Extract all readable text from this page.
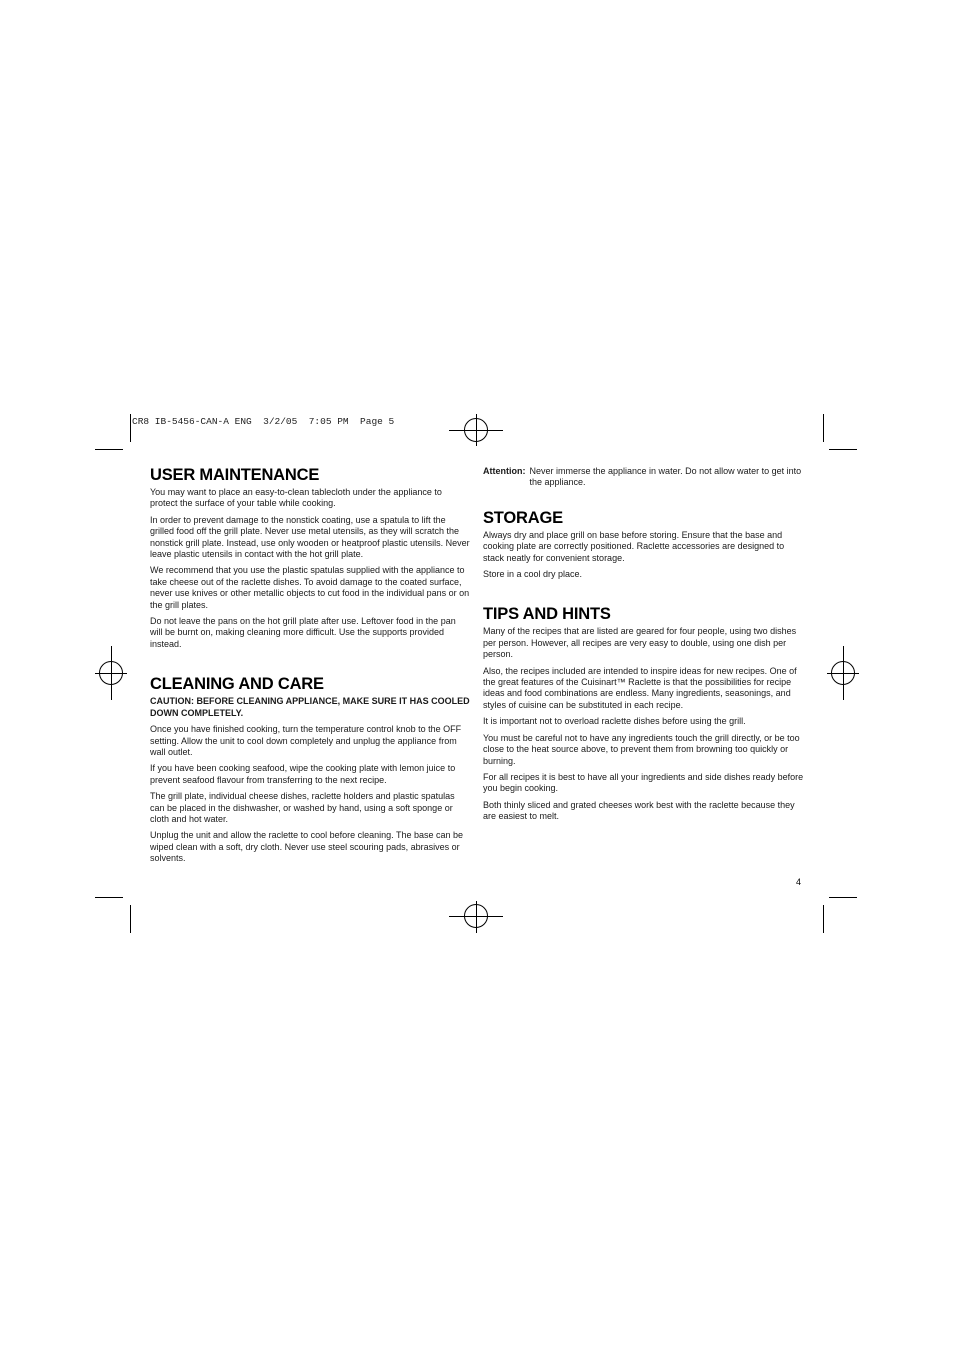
CR8 IB-5456-CAN-A ENG  3/2/05  7:05 PM  Page 5
USER MAINTENANCE

You may want to place an easy-to-clean tablecloth under the appliance to protect the surface of your table while cooking.

In order to prevent damage to the nonstick coating, use a spatula to lift the grilled food off the grill plate. Never use metal utensils, as they will scratch the nonstick grill plate. Instead, use only wooden or heatproof plastic utensils. Never leave plastic utensils in contact with the hot grill plate.

We recommend that you use the plastic spatulas supplied with the appliance to take cheese out of the raclette dishes. To avoid damage to the coated surface, never use knives or other metallic objects to cut food in the individual pans or on the grill plates.

Do not leave the pans on the hot grill plate after use. Leftover food in the pan will be burnt on, making cleaning more difficult. Use the supports provided instead.

CLEANING AND CARE

CAUTION: BEFORE CLEANING APPLIANCE, MAKE SURE IT HAS COOLED DOWN COMPLETELY.

Once you have finished cooking, turn the temperature control knob to the OFF setting. Allow the unit to cool down completely and unplug the appliance from wall outlet.

If you have been cooking seafood, wipe the cooking plate with lemon juice to prevent seafood flavour from transferring to the next recipe.

The grill plate, individual cheese dishes, raclette holders and plastic spatulas can be placed in the dishwasher, or washed by hand, using a soft sponge or cloth and hot water.

Unplug the unit and allow the raclette to cool before cleaning. The base can be wiped clean with a soft, dry cloth. Never use steel scouring pads, abrasives or solvents.

Attention: Never immerse the appliance in water. Do not allow water to get into the appliance.
STORAGE

Always dry and place grill on base before storing. Ensure that the base and cooking plate are correctly positioned. Raclette accessories are designed to stack neatly for convenient storage.

Store in a cool dry place.

TIPS AND HINTS

Many of the recipes that are listed are geared for four people, using two dishes per person. However, all recipes are very easy to double, using one dish per person.

Also, the recipes included are intended to inspire ideas for new recipes. One of the great features of the Cuisinart™ Raclette is that the possibilities for recipe ideas and food combinations are endless. Many ingredients, seasonings, and styles of cuisine can be substituted in each recipe.

It is important not to overload raclette dishes before using the grill.

You must be careful not to have any ingredients touch the grill directly, or be too close to the heat source above, to prevent them from browning too quickly or burning.

For all recipes it is best to have all your ingredients and side dishes ready before you begin cooking.

Both thinly sliced and grated cheeses work best with the raclette because they are easiest to melt.

4
